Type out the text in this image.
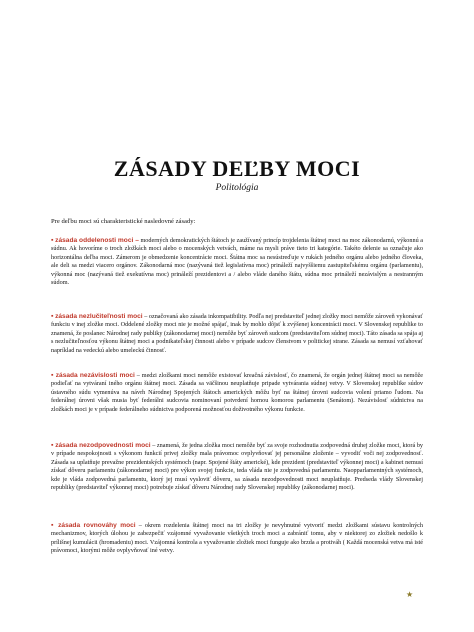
ZÁSADY DEĽBY MOCI
Politológia
Pre deľbu moci sú charakteristické nasledovné zásady:

▪ zásada oddelenosti moci – moderných demokratických štátoch je zaužívaný princíp trojdelenia štátnej moci na moc zákonodarnú, výkonnú a súdnu. Ak hovoríme o troch zložkách moci alebo o mocenských vetvách, máme na mysli práve tieto tri kategórie. Takéto delenie sa označuje ako horizontálna deľba moci. Zámerom je obmedzenie koncentrácie moci. Štátna moc sa nesústreďuje v rukách jedného orgánu alebo jedného človeka, ale deli sa medzi viacero orgánov. Zákonodarná moc (nazývaná tiež legislatívna moc) prináleží najvyššiemu zastupiteľskému orgánu (parlamentu), výkonná moc (nazývaná tiež exekutívna moc) prináleží prezidentovi a / alebo vláde daného štátu, súdna moc prináleží nezávislým a nestranným súdom.

▪ zásada nezlučiteľnosti moci – označovaná ako zásada inkompatibility. Podľa nej predstaviteľ jednej zložky moci nemôže zároveň vykonávať funkciu v inej zložke moci. Oddelené zložky moci nie je možné spájať, inak by mohlo dôjsť k zvýšenej koncentrácii moci. V Slovenskej republike to znamená, že poslanec Národnej rady publiky (zákonodarnej moci) nemôže byť zároveň sudcom (predstaviteľom súdnej moci). Táto zásada sa spája aj s nezlučiteľnosťou výkonu štátnej moci a podnikateľskej činnosti alebo v prípade sudcov členstvom v politickej strane. Zásada sa nemusí vzťahovať napríklad na vedeckú alebo umeleckú činnosť.

▪ zásada nezávislosti moci – medzi zložkami moci nemôže existovať kreačná závislosť, čo znamená, že orgán jednej štátnej moci sa nemôže podieľať na vytváraní iného orgánu štátnej moci. Zásada sa väčšinou neuplatňuje pripade vytvárania súdnej vetvy. V Slovenskej republike súdov ústavného súdu vymenúva na návrh Národnej Spojených štátoch amerických môžu byť na štátnej úrovni sudcovia volení priamo ľudom. Na federálnej úrovni však musia byť federálni sudcovia nominovaní potvrdení hornou komorou parlamentu (Senátom). Nezávislosť súdnictva na zložkách moci je v prípade federálneho súdnictva podporená možnosťou doživotného výkonu funkcie.

▪ zásada nezodpovednosti moci – znamená, že jedna zložka moci nemôže byť za svoje rozhodnutia zodpovedná druhej zložke moci, ktorá by v prípade nespokojnosti s výkonom funkcií privej zložky mala právomoc ovplyvňovať jej personálne zloženie – vyvodiť voči nej zodpovednosť. Zásada sa uplatňuje prevažne prezidentských systémoch (napr. Spojené štáty americké), kde prezident (predstaviteľ výkonnej moci) a kabinet nemusí získať dôveru parlamentu (zákonodarnej moci) pre výkon svojej funkcie, teda vláda nie je zodpovedná parlamentu. Naopparlamentných systémoch, kde je vláda zodpovedná parlamentu, ktorý jej musí vysloviť dôveru, sa zásada nezodpovednosti moci neuplatňuje. Predseda vlády Slovenskej republiky (predstaviteľ výkonnej moci) potrebuje získať dôveru Národnej rady Slovenskej republiky (zákonodarnej moci).

▪ zásada rovnováhy moci – okrem rozdelenia štátnej moci na tri zložky je nevyhnutné vytvoriť medzi zložkami sústavu kontrolných mechanizmov, ktorých úlohou je zabezpečiť vzájomné vyvažovanie všetkých troch moci a zabrániť tomu, aby v niektorej zo zložiek nedošlo k prílišnej kumulácii (hromadeniu) moci. Vzájomná kontrola a vyvažovanie zložiek moci funguje ako brzda a protiváh ( Každá mocenská vetva má isté právomoci, ktorými môže ovplyvňovať iné vetvy.

★
